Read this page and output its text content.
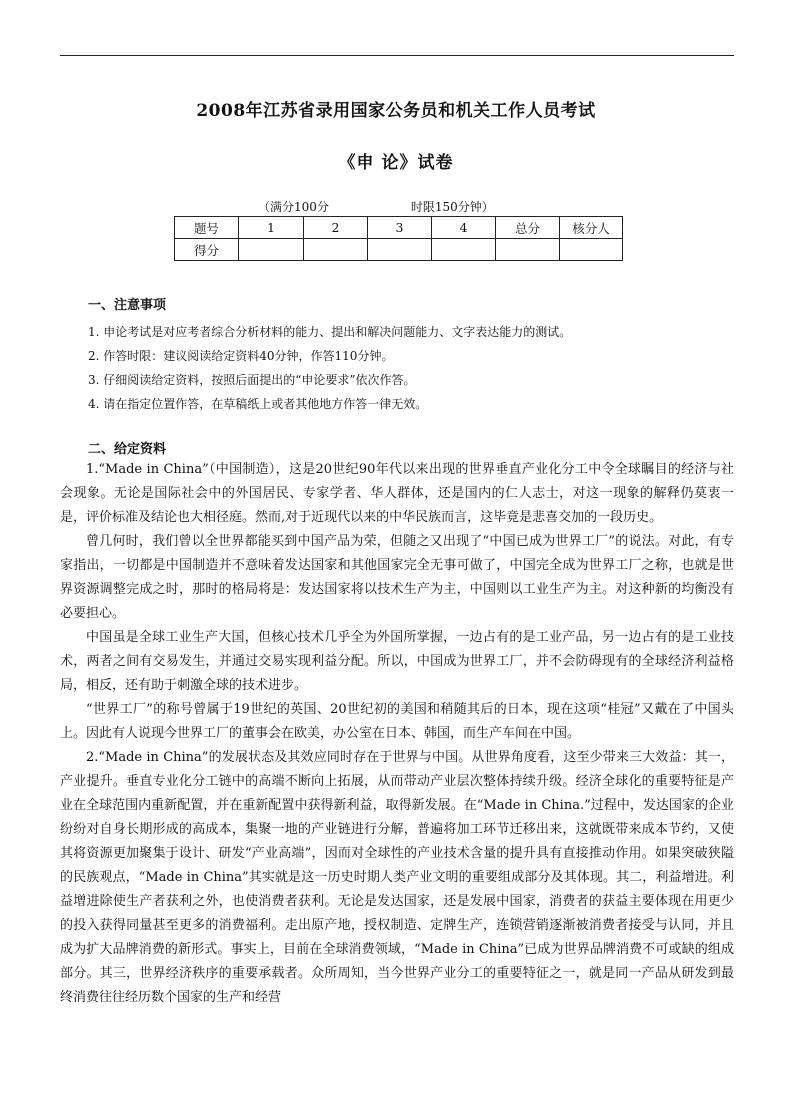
2008年江苏省录用国家公务员和机关工作人员考试
《申 论》试卷
（满分100分	时限150分钟）
题号	1	2	3	4	总分	核分人
得分						
一、注意事项
1. 申论考试是对应考者综合分析材料的能力、提出和解决问题能力、文字表达能力的测试。
2. 作答时限：建议阅读给定资料40分钟，作答110分钟。
3. 仔细阅读给定资料，按照后面提出的“申论要求”依次作答。
4. 请在指定位置作答，在草稿纸上或者其他地方作答一律无效。
二、给定资料

1.“Made in China”（中国制造），这是20世纪90年代以来出现的世界垂直产业化分工中令全球瞩目的经济与社会现象。无论是国际社会中的外国居民、专家学者、华人群体，还是国内的仁人志士，对这一现象的解释仍莫衷一是，评价标准及结论也大相径庭。然而,对于近现代以来的中华民族而言，这毕竟是悲喜交加的一段历史。

曾几何时，我们曾以全世界都能买到中国产品为荣，但随之又出现了“中国已成为世界工厂”的说法。对此，有专家指出，一切都是中国制造并不意味着发达国家和其他国家完全无事可做了，中国完全成为世界工厂之称，也就是世界资源调整完成之时，那时的格局将是：发达国家将以技术生产为主，中国则以工业生产为主。对这种新的均衡没有必要担心。

中国虽是全球工业生产大国，但核心技术几乎全为外国所掌握，一边占有的是工业产品，另一边占有的是工业技术，两者之间有交易发生，并通过交易实现利益分配。所以，中国成为世界工厂，并不会防碍现有的全球经济利益格局，相反，还有助于刺激全球的技术进步。

“世界工厂”的称号曾属于19世纪的英国、20世纪初的美国和稍随其后的日本，现在这项“桂冠”又戴在了中国头上。因此有人说现今世界工厂的董事会在欧美，办公室在日本、韩国，而生产车间在中国。

2.“Made in China”的发展状态及其效应同时存在于世界与中国。从世界角度看，这至少带来三大效益：其一，产业提升。垂直专业化分工链中的高端不断向上拓展，从而带动产业层次整体持续升级。经济全球化的重要特征是产业在全球范围内重新配置，并在重新配置中获得新利益，取得新发展。在“Made in China.”过程中，发达国家的企业纷纷对自身长期形成的高成本，集聚一地的产业链进行分解，普遍将加工环节迁移出来，这就既带来成本节约，又使其将资源更加聚集于设计、研发“产业高端”，因而对全球性的产业技术含量的提升具有直接推动作用。如果突破狭隘的民族观点，“Made in China”其实就是这一历史时期人类产业文明的重要组成部分及其体现。其二，利益增进。利益增进除使生产者获利之外，也使消费者获利。无论是发达国家，还是发展中国家，消费者的获益主要体现在用更少的投入获得同量甚至更多的消费福利。走出原产地，授权制造、定牌生产，连锁营销逐渐被消费者接受与认同，并且成为扩大品牌消费的新形式。事实上，目前在全球消费领域，“Made in China”已成为世界品牌消费不可或缺的组成部分。其三，世界经济秩序的重要承载者。众所周知，当今世界产业分工的重要特征之一，就是同一产品从研发到最终消费往往经历数个国家的生产和经营
